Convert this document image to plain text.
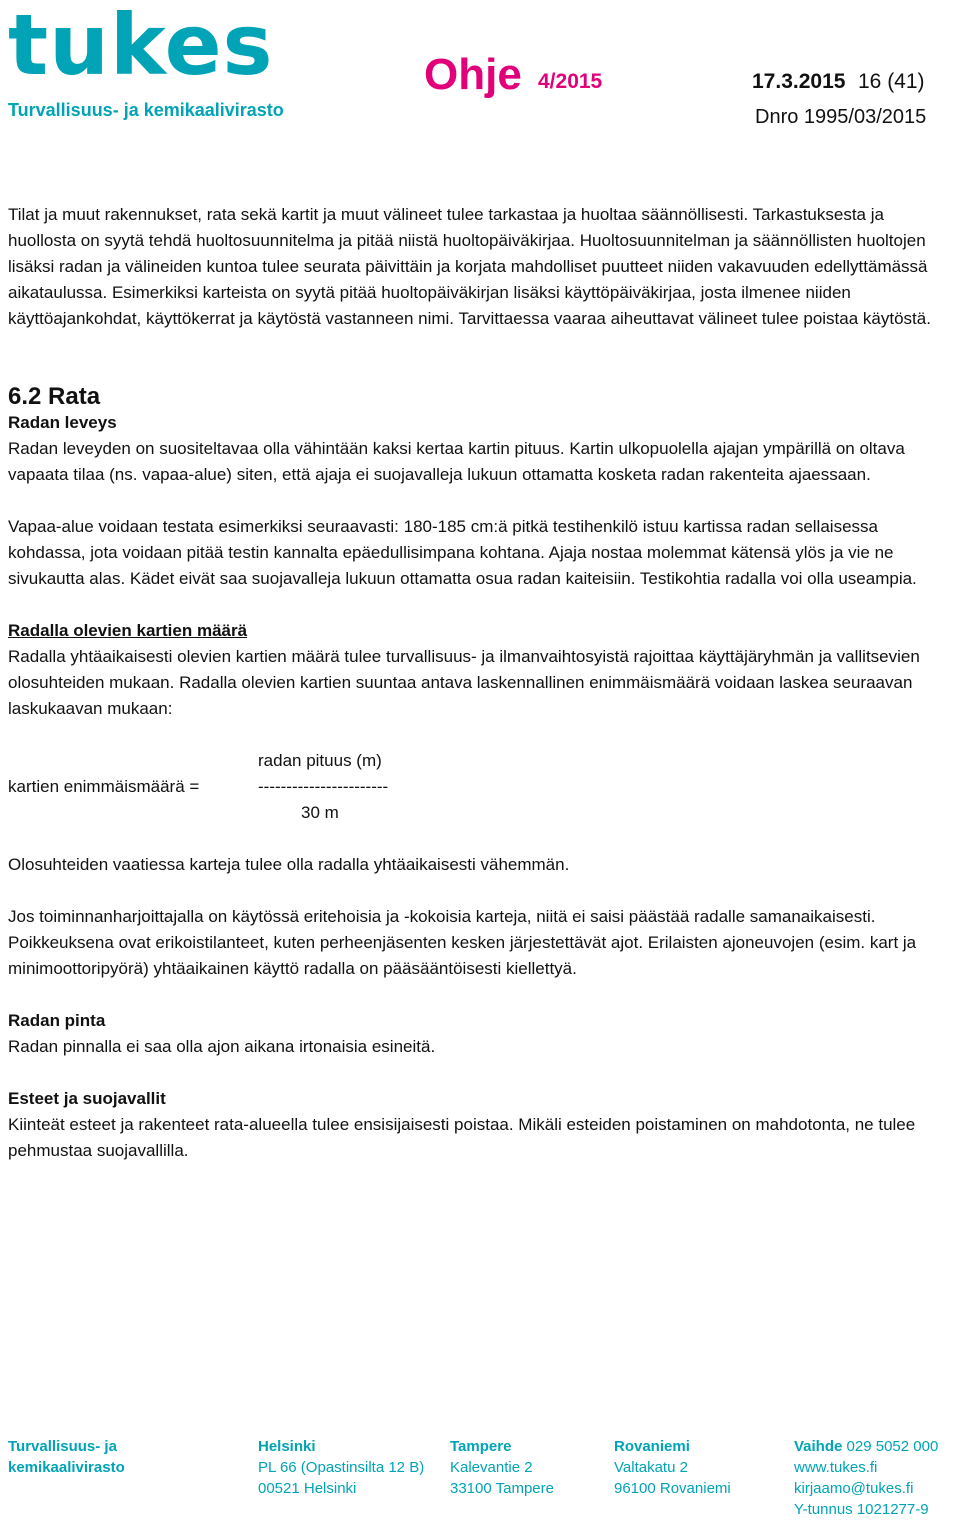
tukes
Turvallisuus- ja kemikaalivirasto
Ohje 4/2015	17.3.2015 16 (41)
Dnro 1995/03/2015

Tilat ja muut rakennukset, rata sekä kartit ja muut välineet tulee tarkastaa ja huoltaa säännöllisesti. Tarkastuksesta ja huollosta on syytä tehdä huoltosuunnitelma ja pitää niistä huoltopäiväkirjaa. Huoltosuunnitelman ja säännöllisten huoltojen lisäksi radan ja välineiden kuntoa tulee seurata päivittäin ja korjata mahdolliset puutteet niiden vakavuuden edellyttämässä aikataulussa. Esimerkiksi karteista on syytä pitää huoltopäiväkirjan lisäksi käyttöpäiväkirjaa, josta ilmenee niiden käyttöajankohdat, käyttökerrat ja käytöstä vastanneen nimi. Tarvittaessa vaaraa aiheuttavat välineet tulee poistaa käytöstä.

6.2 Rata

Radan leveys

Radan leveyden on suositeltavaa olla vähintään kaksi kertaa kartin pituus. Kartin ulkopuolella ajajan ympärillä on oltava vapaata tilaa (ns. vapaa-alue) siten, että ajaja ei suojavalleja lukuun ottamatta kosketa radan rakenteita ajaessaan.

Vapaa-alue voidaan testata esimerkiksi seuraavasti: 180-185 cm:ä pitkä testihenkilö istuu kartissa radan sellaisessa kohdassa, jota voidaan pitää testin kannalta epäedullisimpana kohtana. Ajaja nostaa molemmat kätensä ylös ja vie ne sivukautta alas. Kädet eivät saa suojavalleja lukuun ottamatta osua radan kaiteisiin. Testikohtia radalla voi olla useampia.

Radalla olevien kartien määrä

Radalla yhtäaikaisesti olevien kartien määrä tulee turvallisuus- ja ilmanvaihtosyistä rajoittaa käyttäjäryhmän ja vallitsevien olosuhteiden mukaan. Radalla olevien kartien suuntaa antava laskennallinen enimmäismäärä voidaan laskea seuraavan laskukaavan mukaan:

kartien enimmäismäärä =
radan pituus (m)
-----------------------
30 m

Olosuhteiden vaatiessa karteja tulee olla radalla yhtäaikaisesti vähemmän.

Jos toiminnanharjoittajalla on käytössä eritehoisia ja -kokoisia karteja, niitä ei saisi päästää radalle samanaikaisesti. Poikkeuksena ovat erikoistilanteet, kuten perheenjäsenten kesken järjestettävät ajot. Erilaisten ajoneuvojen (esim. kart ja minimoottoripyörä) yhtäaikainen käyttö radalla on pääsääntöisesti kiellettyä.

Radan pinta

Radan pinnalla ei saa olla ajon aikana irtonaisia esineitä.

Esteet ja suojavallit

Kiinteät esteet ja rakenteet rata-alueella tulee ensisijaisesti poistaa. Mikäli esteiden poistaminen on mahdotonta, ne tulee pehmustaa suojavallilla.

Turvallisuus- ja
kemikaalivirasto
Helsinki
PL 66 (Opastinsilta 12 B)
00521 Helsinki
Tampere
Kalevantie 2
33100 Tampere
Rovaniemi
Valtakatu 2
96100 Rovaniemi
Vaihde 029 5052 000
www.tukes.fi
kirjaamo@tukes.fi
Y-tunnus 1021277-9
